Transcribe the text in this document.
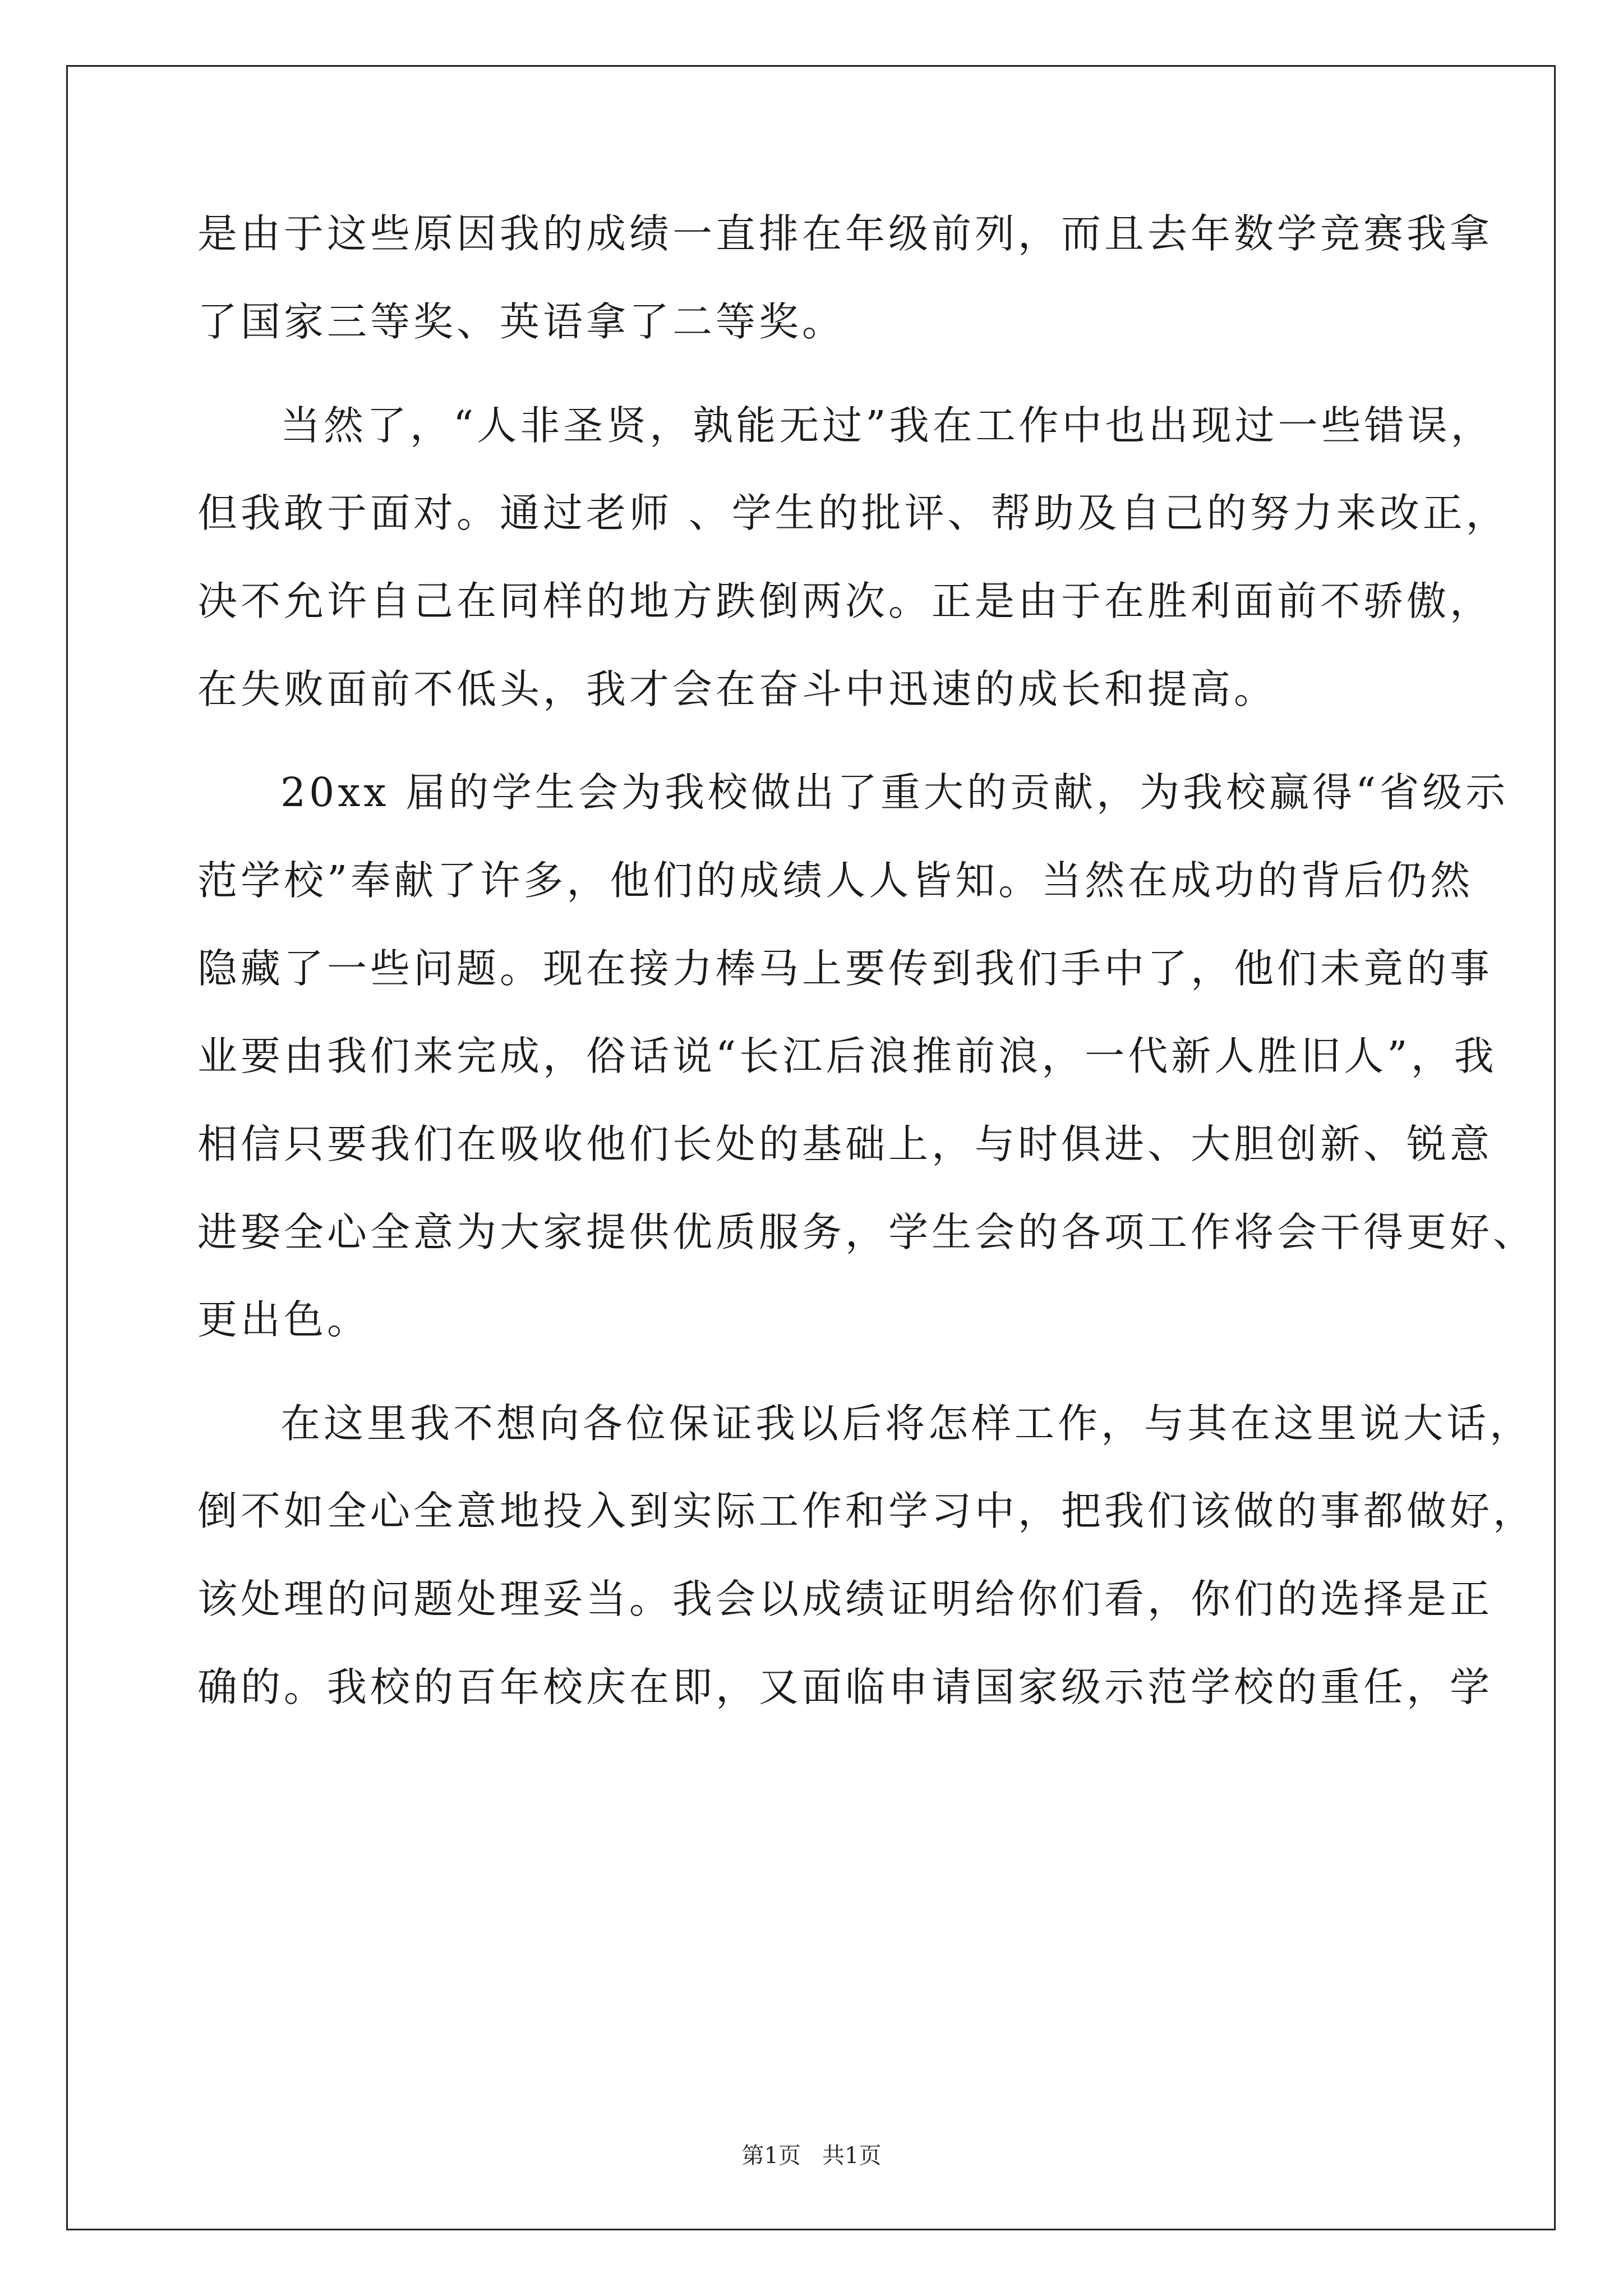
是由于这些原因我的成绩一直排在年级前列，而且去年数学竞赛我拿
了国家三等奖、英语拿了二等奖。
当然了，“人非圣贤，孰能无过”我在工作中也出现过一些错误，
但我敢于面对。通过老师 、学生的批评、帮助及自己的努力来改正，
决不允许自己在同样的地方跌倒两次。正是由于在胜利面前不骄傲，
在失败面前不低头，我才会在奋斗中迅速的成长和提高。
20xx 届的学生会为我校做出了重大的贡献，为我校赢得“省级示
范学校”奉献了许多，他们的成绩人人皆知。当然在成功的背后仍然
隐藏了一些问题。现在接力棒马上要传到我们手中了，他们未竟的事
业要由我们来完成，俗话说“长江后浪推前浪，一代新人胜旧人”，我
相信只要我们在吸收他们长处的基础上，与时俱进、大胆创新、锐意
进娶全心全意为大家提供优质服务，学生会的各项工作将会干得更好、
更出色。
在这里我不想向各位保证我以后将怎样工作，与其在这里说大话，
倒不如全心全意地投入到实际工作和学习中，把我们该做的事都做好，
该处理的问题处理妥当。我会以成绩证明给你们看，你们的选择是正
确的。我校的百年校庆在即，又面临申请国家级示范学校的重任，学
第1页   共1页
